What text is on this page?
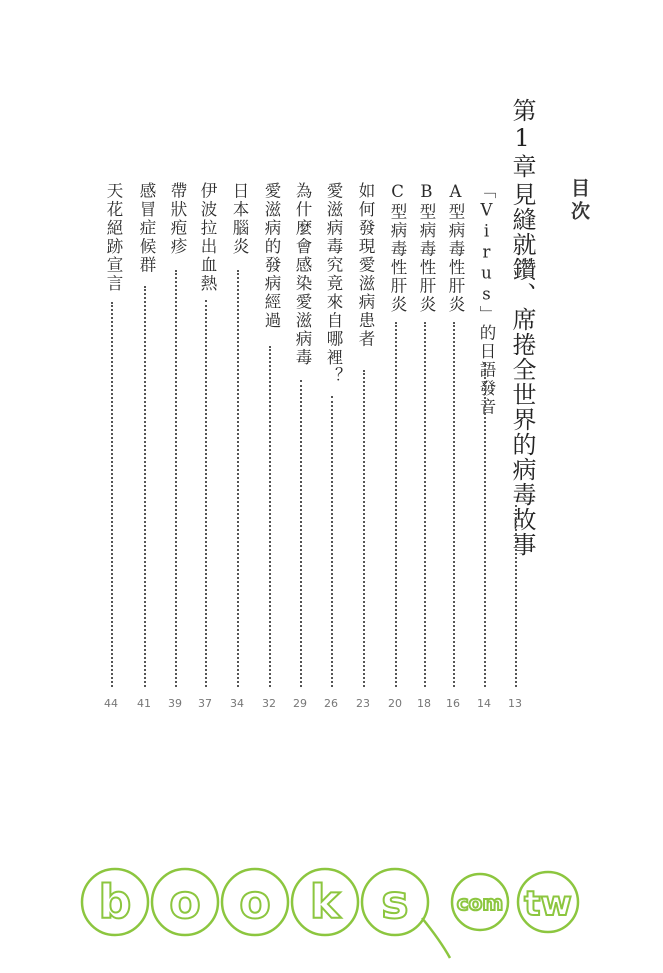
目次
第1章
見縫就鑽、席捲全世界的病毒故事
13
「Virus」的日語發音
14
A型病毒性肝炎
16
B型病毒性肝炎
18
C型病毒性肝炎
20
如何發現愛滋病患者
23
愛滋病毒究竟來自哪裡？
26
為什麼會感染愛滋病毒
29
愛滋病的發病經過
32
日本腦炎
34
伊波拉出血熱
37
帶狀疱疹
39
感冒症候群
41
天花絕跡宣言
44
b o o k s com tw
